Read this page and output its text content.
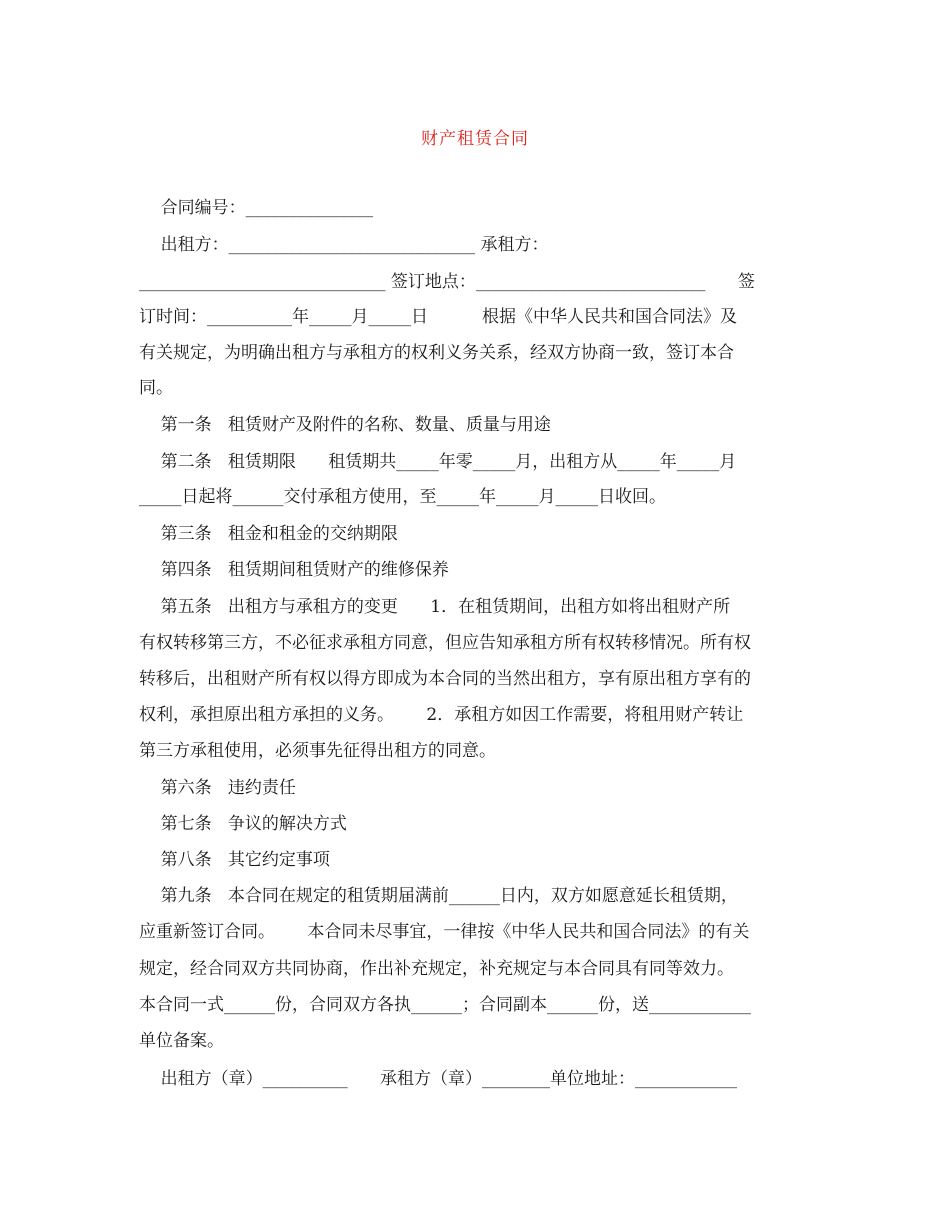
财产租赁合同
合同编号：_______________
出租方：_____________________________ 承租方：
_____________________________ 签订地点：___________________________      签
订时间：__________年_____月_____日          根据《中华人民共和国合同法》及
有关规定，为明确出租方与承租方的权利义务关系，经双方协商一致，签订本合
同。
第一条   租赁财产及附件的名称、数量、质量与用途
第二条   租赁期限      租赁期共_____年零_____月，出租方从_____年_____月
_____日起将______交付承租方使用，至_____年_____月_____日收回。
第三条   租金和租金的交纳期限
第四条   租赁期间租赁财产的维修保养
第五条   出租方与承租方的变更      1．在租赁期间，出租方如将出租财产所
有权转移第三方，不必征求承租方同意，但应告知承租方所有权转移情况。所有权
转移后，出租财产所有权以得方即成为本合同的当然出租方，享有原出租方享有的
权利，承担原出租方承担的义务。      2．承租方如因工作需要，将租用财产转让
第三方承租使用，必须事先征得出租方的同意。
第六条   违约责任
第七条   争议的解决方式
第八条   其它约定事项
第九条   本合同在规定的租赁期届满前______日内，双方如愿意延长租赁期，
应重新签订合同。      本合同未尽事宜，一律按《中华人民共和国合同法》的有关
规定，经合同双方共同协商，作出补充规定，补充规定与本合同具有同等效力。
本合同一式______份，合同双方各执______；合同副本______份，送____________
单位备案。
出租方（章）__________      承租方（章）________单位地址：____________
